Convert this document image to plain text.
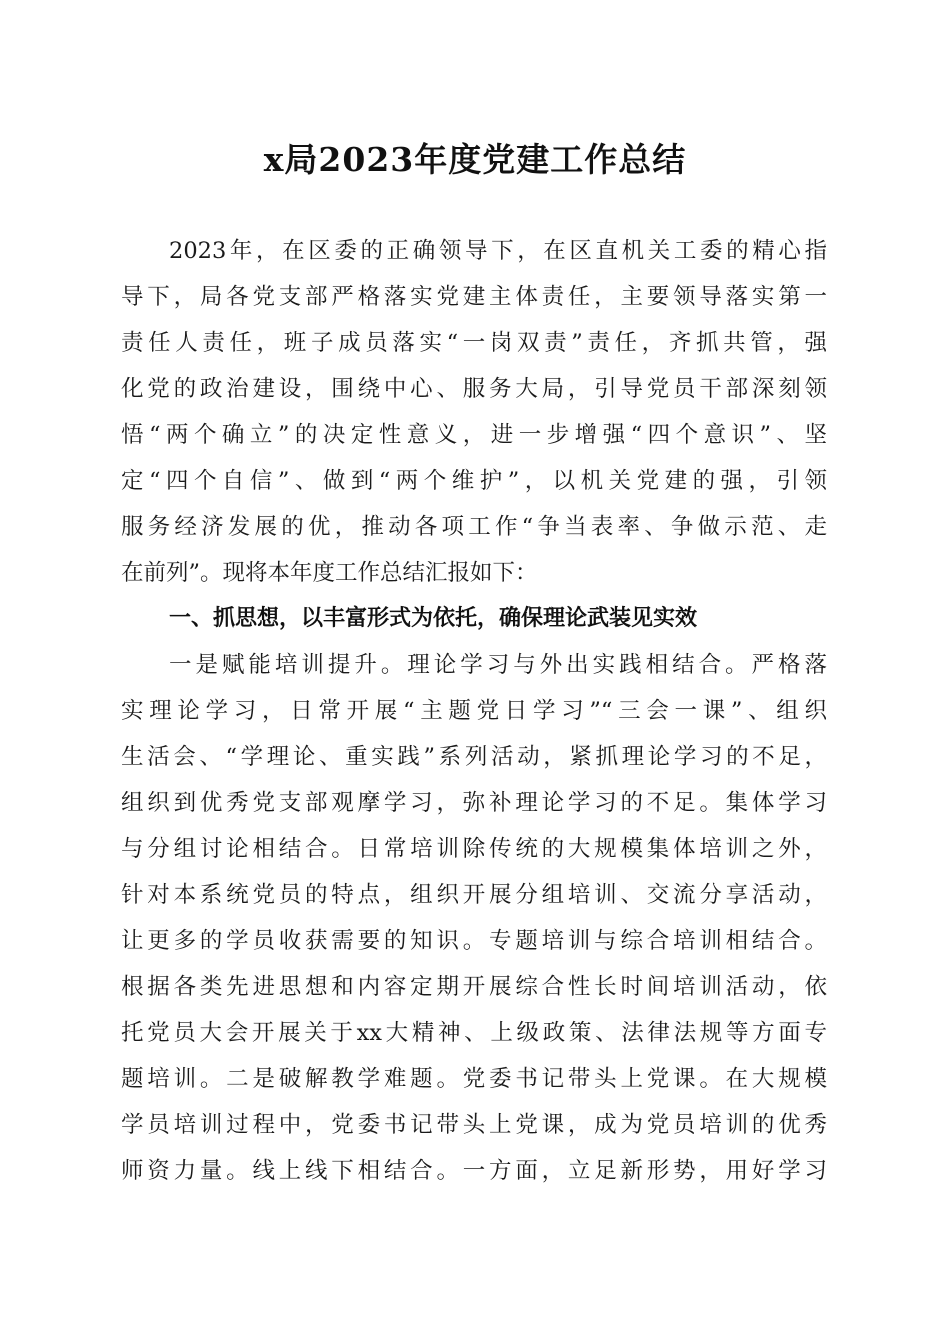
x局2023年度党建工作总结
2023年，在区委的正确领导下，在区直机关工委的精心指
导下，局各党支部严格落实党建主体责任，主要领导落实第一
责任人责任，班子成员落实“一岗双责”责任，齐抓共管，强
化党的政治建设，围绕中心、服务大局，引导党员干部深刻领
悟“两个确立”的决定性意义，进一步增强“四个意识”、坚
定“四个自信”、做到“两个维护”，以机关党建的强，引领
服务经济发展的优，推动各项工作“争当表率、争做示范、走
在前列”。现将本年度工作总结汇报如下：
一、抓思想，以丰富形式为依托，确保理论武装见实效
一是赋能培训提升。理论学习与外出实践相结合。严格落
实理论学习，日常开展“主题党日学习”“三会一课”、组织
生活会、“学理论、重实践”系列活动，紧抓理论学习的不足，
组织到优秀党支部观摩学习，弥补理论学习的不足。集体学习
与分组讨论相结合。日常培训除传统的大规模集体培训之外，
针对本系统党员的特点，组织开展分组培训、交流分享活动，
让更多的学员收获需要的知识。专题培训与综合培训相结合。
根据各类先进思想和内容定期开展综合性长时间培训活动，依
托党员大会开展关于xx大精神、上级政策、法律法规等方面专
题培训。二是破解教学难题。党委书记带头上党课。在大规模
学员培训过程中，党委书记带头上党课，成为党员培训的优秀
师资力量。线上线下相结合。一方面，立足新形势，用好学习
